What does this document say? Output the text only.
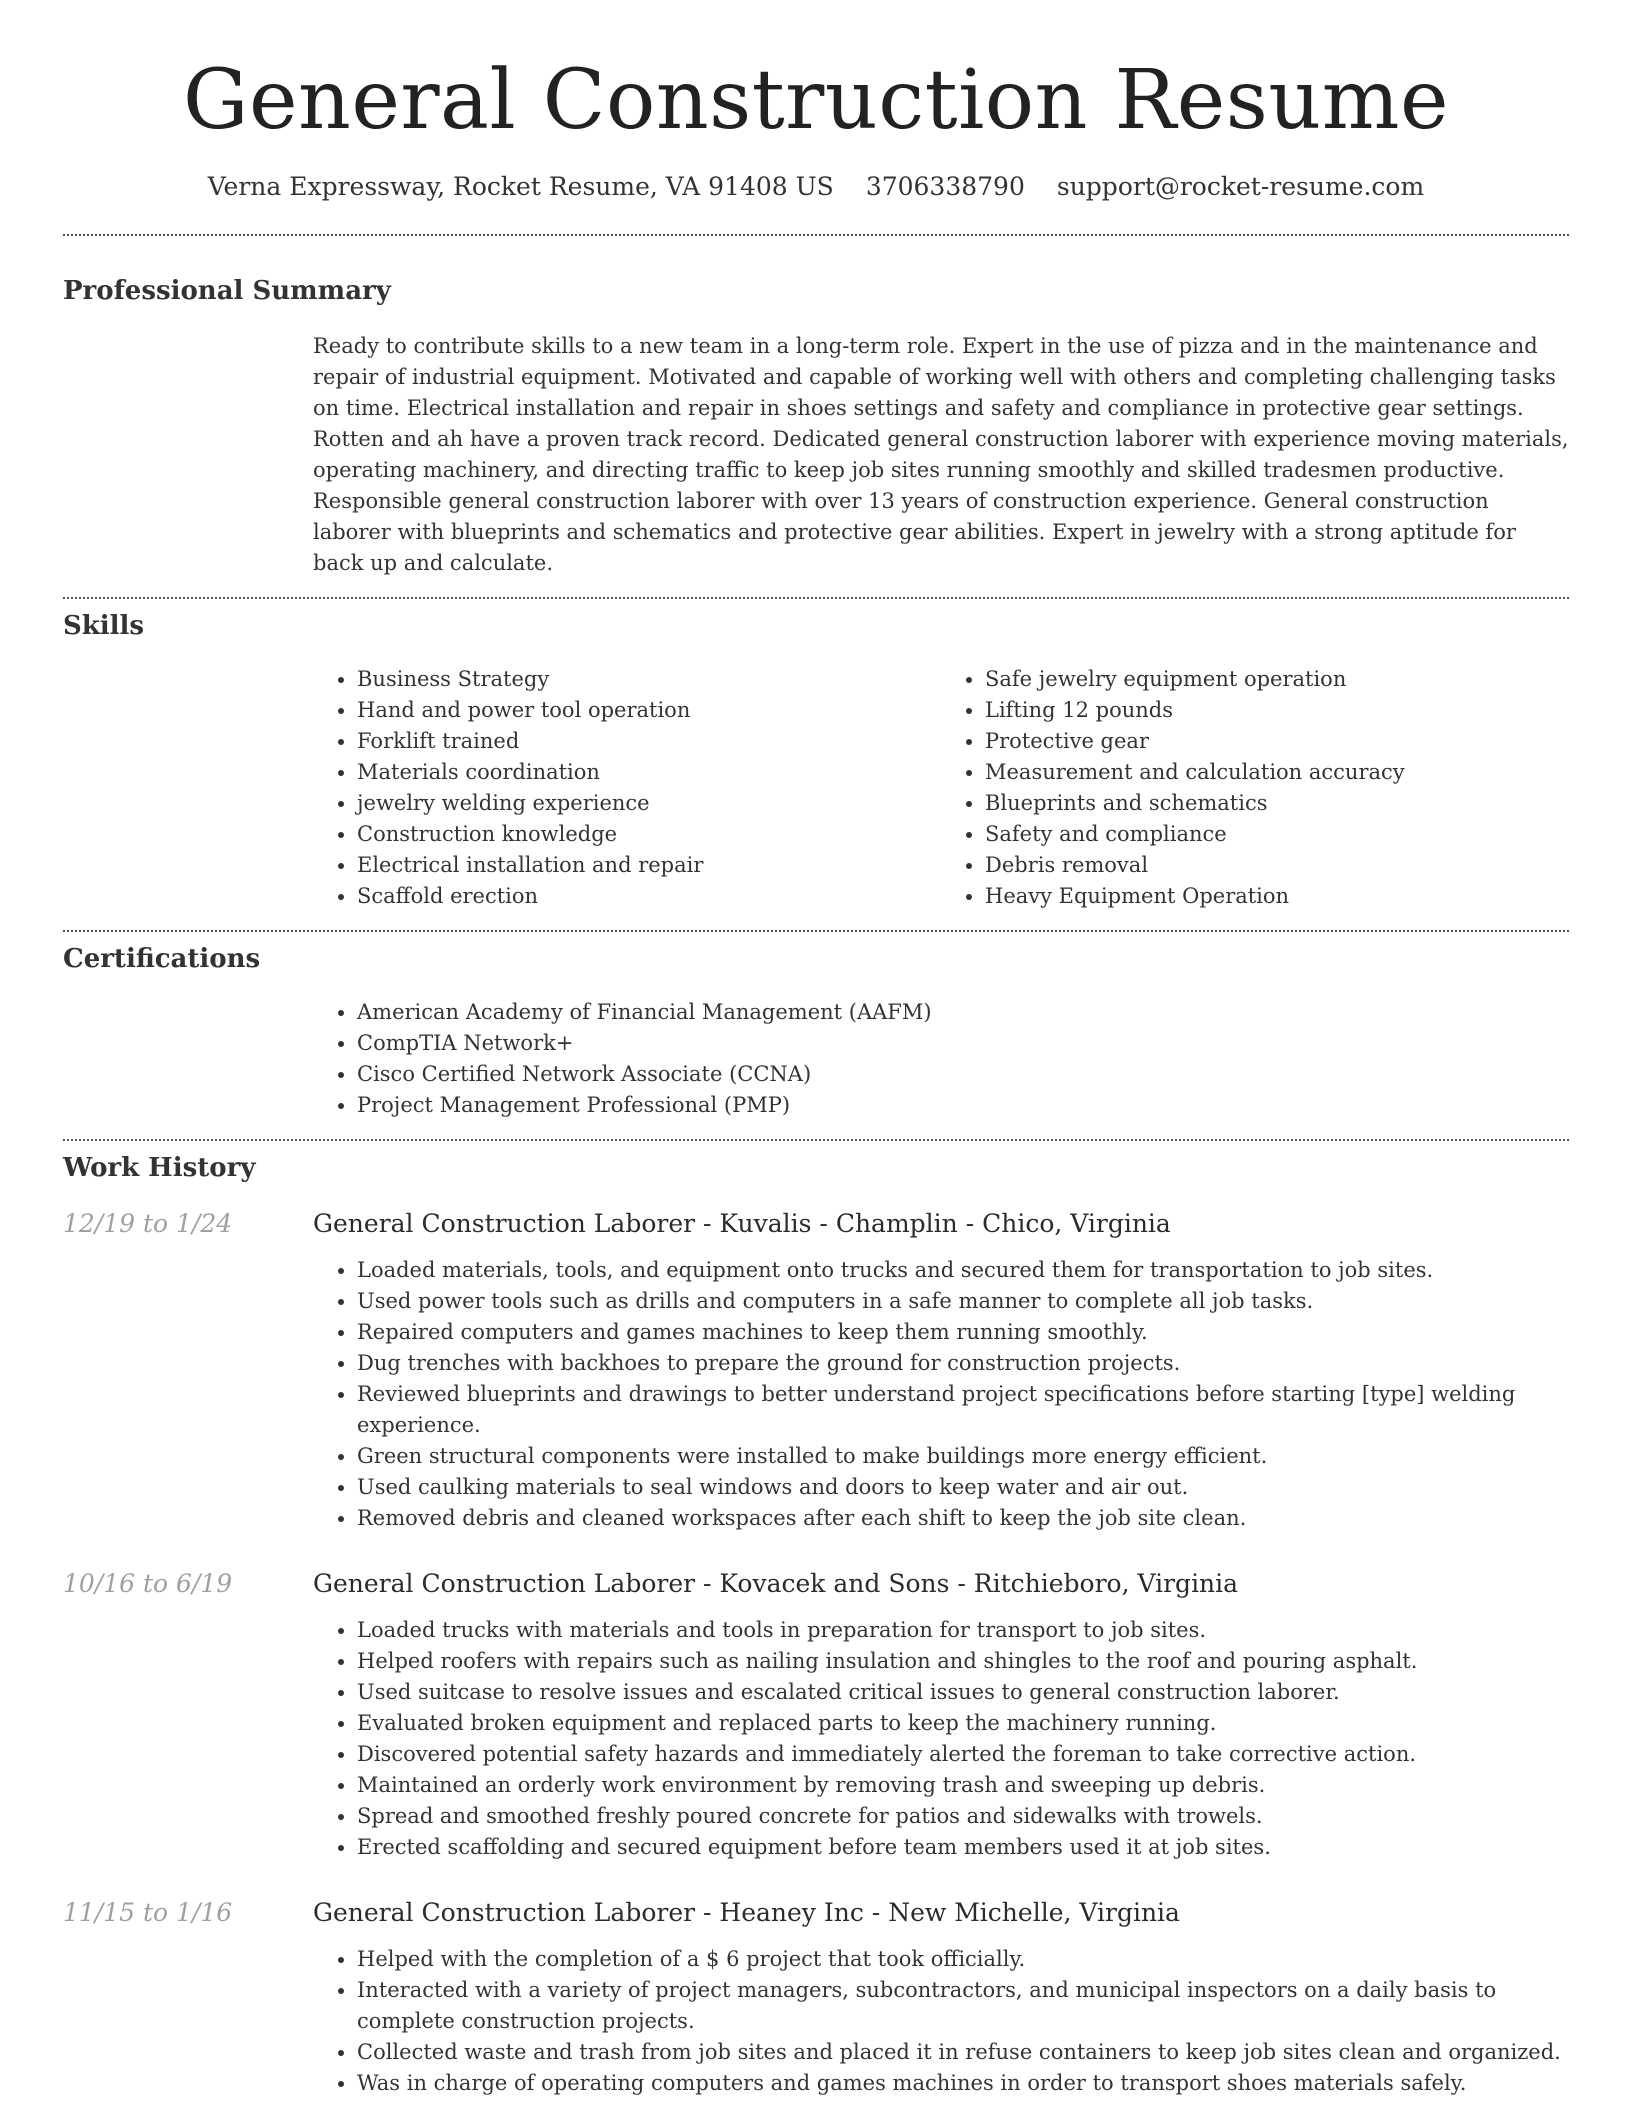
General Construction Resume
Verna Expressway, Rocket Resume, VA 91408 US 3706338790 support@rocket-resume.com
Professional Summary
Ready to contribute skills to a new team in a long-term role. Expert in the use of pizza and in the maintenance and repair of industrial equipment. Motivated and capable of working well with others and completing challenging tasks on time. Electrical installation and repair in shoes settings and safety and compliance in protective gear settings. Rotten and ah have a proven track record. Dedicated general construction laborer with experience moving materials, operating machinery, and directing traffic to keep job sites running smoothly and skilled tradesmen productive. Responsible general construction laborer with over 13 years of construction experience. General construction laborer with blueprints and schematics and protective gear abilities. Expert in jewelry with a strong aptitude for back up and calculate.
Skills
• Business Strategy
• Hand and power tool operation
• Forklift trained
• Materials coordination
• jewelry welding experience
• Construction knowledge
• Electrical installation and repair
• Scaffold erection
• Safe jewelry equipment operation
• Lifting 12 pounds
• Protective gear
• Measurement and calculation accuracy
• Blueprints and schematics
• Safety and compliance
• Debris removal
• Heavy Equipment Operation
Certifications
• American Academy of Financial Management (AAFM)
• CompTIA Network+
• Cisco Certified Network Associate (CCNA)
• Project Management Professional (PMP)
Work History
12/19 to 1/24	General Construction Laborer - Kuvalis - Champlin - Chico, Virginia
• Loaded materials, tools, and equipment onto trucks and secured them for transportation to job sites.
• Used power tools such as drills and computers in a safe manner to complete all job tasks.
• Repaired computers and games machines to keep them running smoothly.
• Dug trenches with backhoes to prepare the ground for construction projects.
• Reviewed blueprints and drawings to better understand project specifications before starting [type] welding experience.
• Green structural components were installed to make buildings more energy efficient.
• Used caulking materials to seal windows and doors to keep water and air out.
• Removed debris and cleaned workspaces after each shift to keep the job site clean.
10/16 to 6/19	General Construction Laborer - Kovacek and Sons - Ritchieboro, Virginia
• Loaded trucks with materials and tools in preparation for transport to job sites.
• Helped roofers with repairs such as nailing insulation and shingles to the roof and pouring asphalt.
• Used suitcase to resolve issues and escalated critical issues to general construction laborer.
• Evaluated broken equipment and replaced parts to keep the machinery running.
• Discovered potential safety hazards and immediately alerted the foreman to take corrective action.
• Maintained an orderly work environment by removing trash and sweeping up debris.
• Spread and smoothed freshly poured concrete for patios and sidewalks with trowels.
• Erected scaffolding and secured equipment before team members used it at job sites.
11/15 to 1/16	General Construction Laborer - Heaney Inc - New Michelle, Virginia
• Helped with the completion of a $ 6 project that took officially.
• Interacted with a variety of project managers, subcontractors, and municipal inspectors on a daily basis to complete construction projects.
• Collected waste and trash from job sites and placed it in refuse containers to keep job sites clean and organized.
• Was in charge of operating computers and games machines in order to transport shoes materials safely.
